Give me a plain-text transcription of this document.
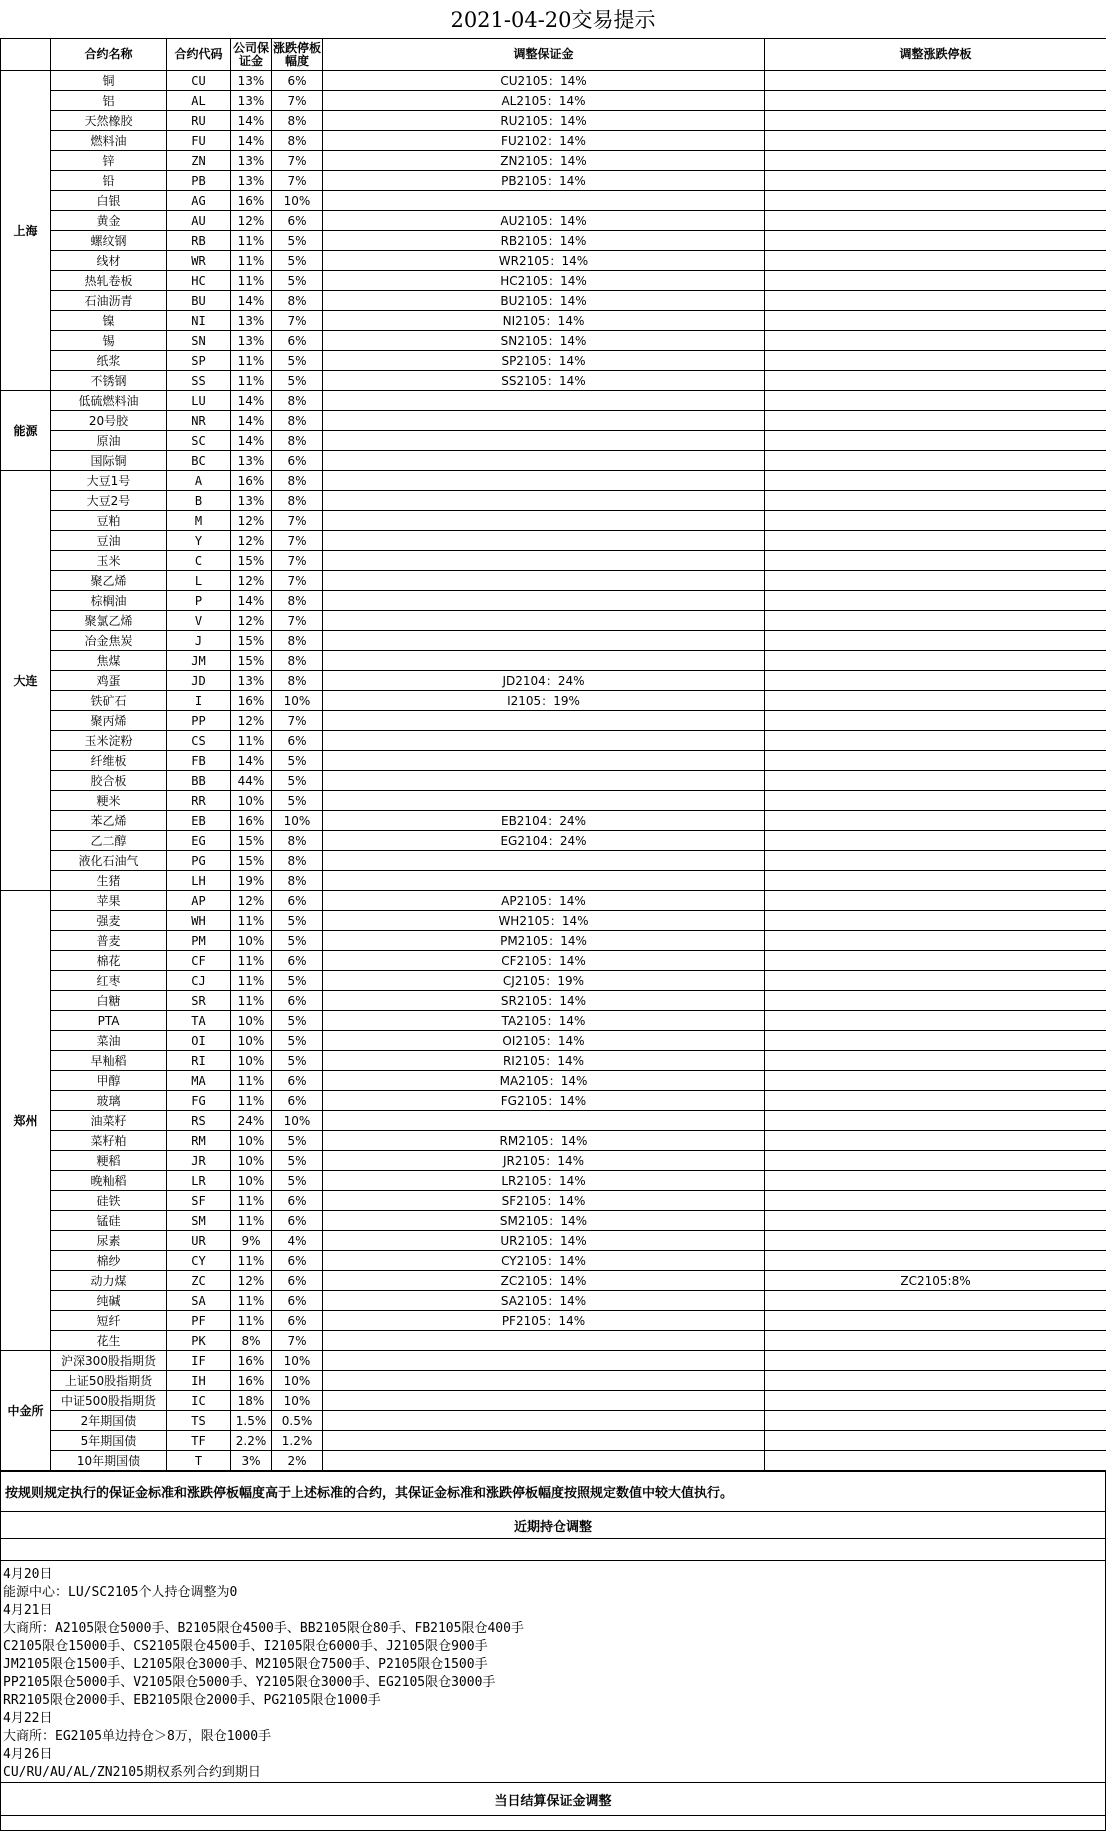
2021-04-20交易提示
	合约名称	合约代码	公司保证金	涨跌停板幅度	调整保证金	调整涨跌停板
上海	铜	CU	13%	6%	CU2105：14%	
	铝	AL	13%	7%	AL2105：14%	
	天然橡胶	RU	14%	8%	RU2105：14%	
	燃料油	FU	14%	8%	FU2102：14%	
	锌	ZN	13%	7%	ZN2105：14%	
	铅	PB	13%	7%	PB2105：14%	
	白银	AG	16%	10%		
	黄金	AU	12%	6%	AU2105：14%	
	螺纹钢	RB	11%	5%	RB2105：14%	
	线材	WR	11%	5%	WR2105：14%	
	热轧卷板	HC	11%	5%	HC2105：14%	
	石油沥青	BU	14%	8%	BU2105：14%	
	镍	NI	13%	7%	NI2105：14%	
	锡	SN	13%	6%	SN2105：14%	
	纸浆	SP	11%	5%	SP2105：14%	
	不锈钢	SS	11%	5%	SS2105：14%	
能源	低硫燃料油	LU	14%	8%		
	20号胶	NR	14%	8%		
	原油	SC	14%	8%		
	国际铜	BC	13%	6%		
大连	大豆1号	A	16%	8%		
	大豆2号	B	13%	8%		
	豆粕	M	12%	7%		
	豆油	Y	12%	7%		
	玉米	C	15%	7%		
	聚乙烯	L	12%	7%		
	棕榈油	P	14%	8%		
	聚氯乙烯	V	12%	7%		
	冶金焦炭	J	15%	8%		
	焦煤	JM	15%	8%		
	鸡蛋	JD	13%	8%	JD2104：24%	
	铁矿石	I	16%	10%	I2105：19%	
	聚丙烯	PP	12%	7%		
	玉米淀粉	CS	11%	6%		
	纤维板	FB	14%	5%		
	胶合板	BB	44%	5%		
	粳米	RR	10%	5%		
	苯乙烯	EB	16%	10%	EB2104：24%	
	乙二醇	EG	15%	8%	EG2104：24%	
	液化石油气	PG	15%	8%		
	生猪	LH	19%	8%		
郑州	苹果	AP	12%	6%	AP2105：14%	
	强麦	WH	11%	5%	WH2105：14%	
	普麦	PM	10%	5%	PM2105：14%	
	棉花	CF	11%	6%	CF2105：14%	
	红枣	CJ	11%	5%	CJ2105：19%	
	白糖	SR	11%	6%	SR2105：14%	
	PTA	TA	10%	5%	TA2105：14%	
	菜油	OI	10%	5%	OI2105：14%	
	早籼稻	RI	10%	5%	RI2105：14%	
	甲醇	MA	11%	6%	MA2105：14%	
	玻璃	FG	11%	6%	FG2105：14%	
	油菜籽	RS	24%	10%		
	菜籽粕	RM	10%	5%	RM2105：14%	
	粳稻	JR	10%	5%	JR2105：14%	
	晚籼稻	LR	10%	5%	LR2105：14%	
	硅铁	SF	11%	6%	SF2105：14%	
	锰硅	SM	11%	6%	SM2105：14%	
	尿素	UR	9%	4%	UR2105：14%	
	棉纱	CY	11%	6%	CY2105：14%	
	动力煤	ZC	12%	6%	ZC2105：14%	ZC2105:8%
	纯碱	SA	11%	6%	SA2105：14%	
	短纤	PF	11%	6%	PF2105：14%	
	花生	PK	8%	7%		
中金所	沪深300股指期货	IF	16%	10%		
	上证50股指期货	IH	16%	10%		
	中证500股指期货	IC	18%	10%		
	2年期国债	TS	1.5%	0.5%		
	5年期国债	TF	2.2%	1.2%		
	10年期国债	T	3%	2%		
按规则规定执行的保证金标准和涨跌停板幅度高于上述标准的合约，其保证金标准和涨跌停板幅度按照规定数值中较大值执行。
近期持仓调整

4月20日
能源中心：LU/SC2105个人持仓调整为0
4月21日
大商所：A2105限仓5000手、B2105限仓4500手、BB2105限仓80手、FB2105限仓400手
C2105限仓15000手、CS2105限仓4500手、I2105限仓6000手、J2105限仓900手
JM2105限仓1500手、L2105限仓3000手、M2105限仓7500手、P2105限仓1500手
PP2105限仓5000手、V2105限仓5000手、Y2105限仓3000手、EG2105限仓3000手
RR2105限仓2000手、EB2105限仓2000手、PG2105限仓1000手
4月22日
大商所：EG2105单边持仓＞8万，限仓1000手
4月26日
CU/RU/AU/AL/ZN2105期权系列合约到期日

当日结算保证金调整
